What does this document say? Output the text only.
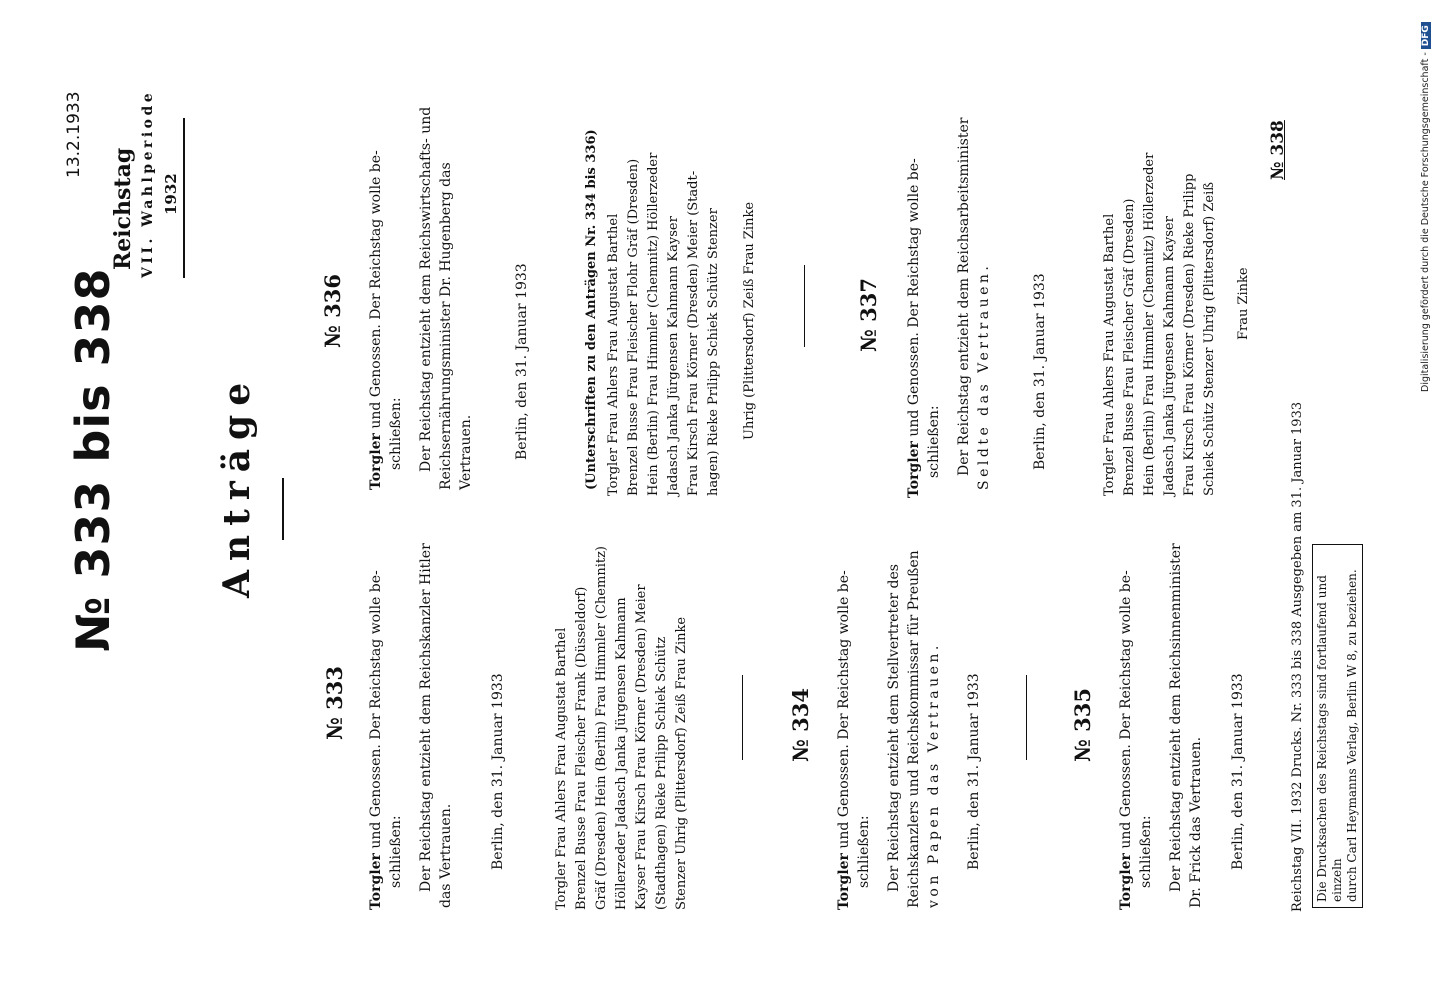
13.2.1933
№ 333 bis 338
Reichstag VII. Wahlperiode 1932
Anträge
№ 333
Torgler und Genossen. Der Reichstag wolle be-
schließen: Der Reichstag entzieht dem Reichskanzler Hitler das Vertrauen.	Berlin, den 31. Januar 1933	Torgler Frau Ahlers Frau Augustat Barthel Brenzel Busse Frau Fleischer Frank (Düsseldorf) Gräf (Dresden) Hein (Berlin) Frau Himmler (Chemnitz) Höllerzeder Jadasch Janka Jürgensen Kahmann Kayser Frau Kirsch Frau Körner (Dresden) Meier (Stadthagen) Rieke Prilipp Schiek Schütz Stenzer Uhrig (Plittersdorf) Zeiß Frau Zinke	№ 334
Torgler und Genossen. Der Reichstag wolle be-
schließen: Der Reichstag entzieht dem Stellvertreter des Reichskanzlers und Reichskommissar für Preußen von Papen das Vertrauen. Berlin, den 31. Januar 1933	№ 335
Torgler und Genossen. Der Reichstag wolle be-
schließen: Der Reichstag entzieht dem Reichsinnenminister Dr. Frick das Vertrauen. Berlin, den 31. Januar 1933
№ 336
Torgler und Genossen. Der Reichstag wolle be-
schließen: Der Reichstag entzieht dem Reichswirtschafts- und Reichsernährungsminister Dr. Hugenberg das Vertrauen.	Berlin, den 31. Januar 1933	(Unterschriften zu den Anträgen Nr. 334 bis 336) Torgler Frau Ahlers Frau Augustat Barthel Brenzel Busse Frau Fleischer Flohr Gräf (Dresden) Hein (Berlin) Frau Himmler (Chemnitz) Höllerzeder Jadasch Janka Jürgensen Kahmann Kayser Frau Kirsch Frau Körner (Dresden) Meier (Stadt- hagen) Rieke Prilipp Schiek Schütz Stenzer Uhrig (Plittersdorf) Zeiß Frau Zinke	№ 337
Torgler und Genossen. Der Reichstag wolle be-
schließen: Der Reichstag entzieht dem Reichsarbeitsminister Seldte das Vertrauen.	Berlin, den 31. Januar 1933	Torgler Frau Ahlers Frau Augustat Barthel Brenzel Busse Frau Fleischer Gräf (Dresden) Hein (Berlin) Frau Himmler (Chemnitz) Höllerzeder Jadasch Janka Jürgensen Kahmann Kayser Frau Kirsch Frau Körner (Dresden) Rieke Prilipp Schiek Schütz Stenzer Uhrig (Plittersdorf) Zeiß Frau Zinke
Reichstag VII. 1932 Drucks. Nr. 333 bis 338 Ausgegeben am 31. Januar 1933 Die Drucksachen des Reichstags sind fortlaufend und einzeln durch Carl Heymanns Verlag, Berlin W 8, zu beziehen.
№ 338	Digitalisierung gefördert durch die Deutsche Forschungsgemeinschaft -DFG
